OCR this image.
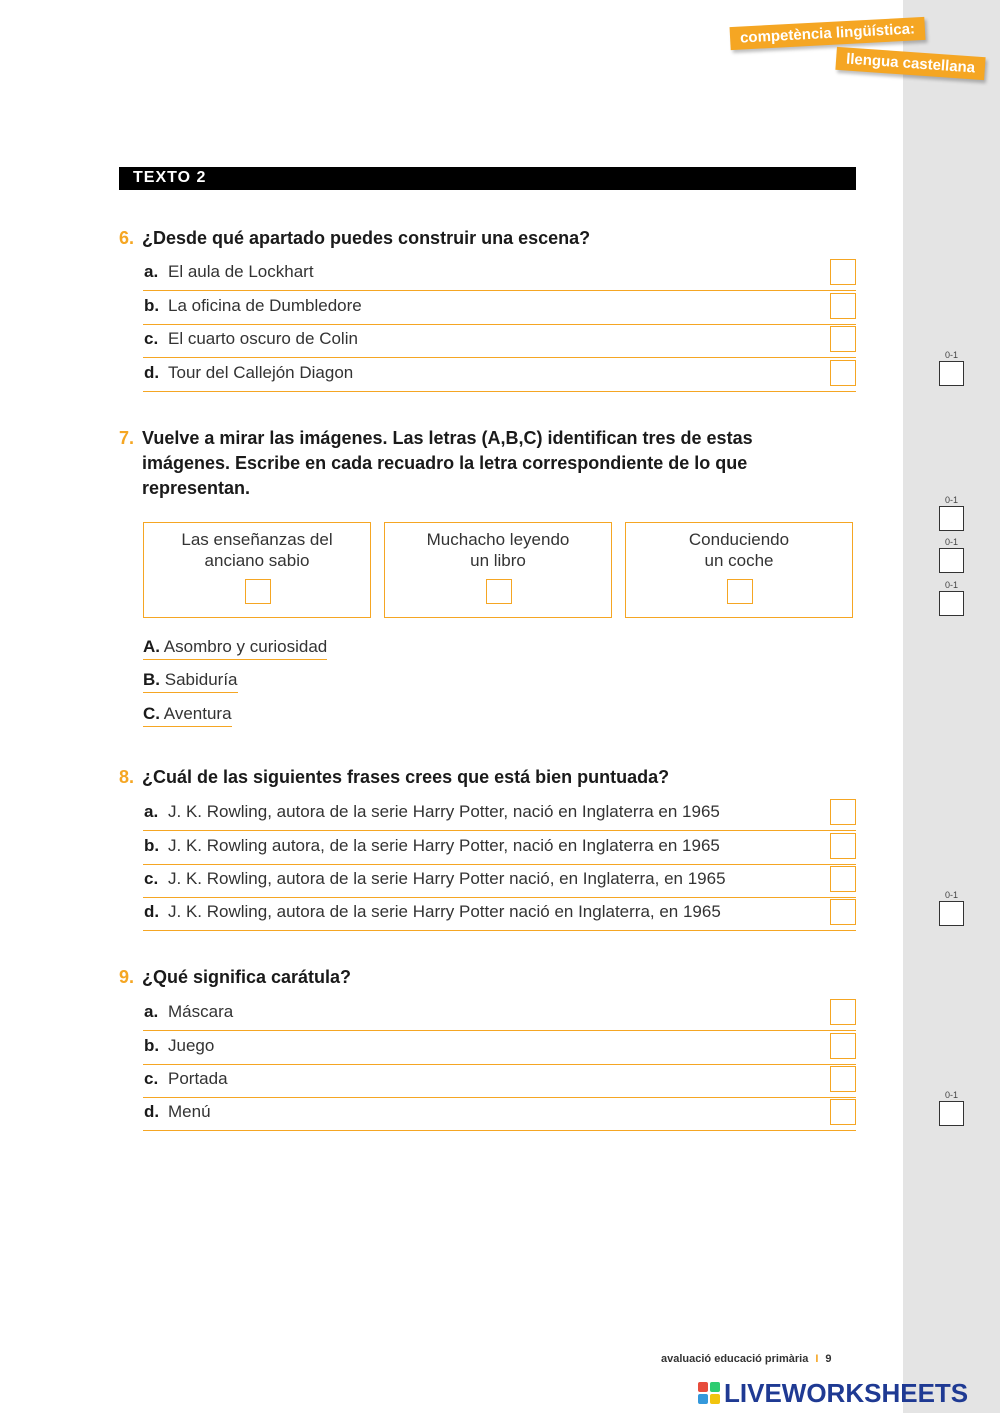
competència lingüística:
llengua castellana
TEXTO 2
6. ¿Desde qué apartado puedes construir una escena?
a. El aula de Lockhart
b. La oficina de Dumbledore
c. El cuarto oscuro de Colin
d. Tour del Callejón Diagon
0-1
7. Vuelve a mirar las imágenes. Las letras (A,B,C) identifican tres de estas imágenes. Escribe en cada recuadro la letra correspondiente de lo que representan.
Las enseñanzas del
anciano sabio
Muchacho leyendo
un libro
Conduciendo
un coche
A. Asombro y curiosidad
B. Sabiduría
C. Aventura
0-1
0-1
0-1
8. ¿Cuál de las siguientes frases crees que está bien puntuada?
a. J. K. Rowling, autora de la serie Harry Potter, nació en Inglaterra en 1965
b. J. K. Rowling autora, de la serie Harry Potter, nació en Inglaterra en 1965
c. J. K. Rowling, autora de la serie Harry Potter nació, en Inglaterra, en 1965
d. J. K. Rowling, autora de la serie Harry Potter nació en Inglaterra, en 1965
0-1
9. ¿Qué significa carátula?
a. Máscara
b. Juego
c. Portada
d. Menú
0-1
avaluació educació primària I 9
LIVEWORKSHEETS
